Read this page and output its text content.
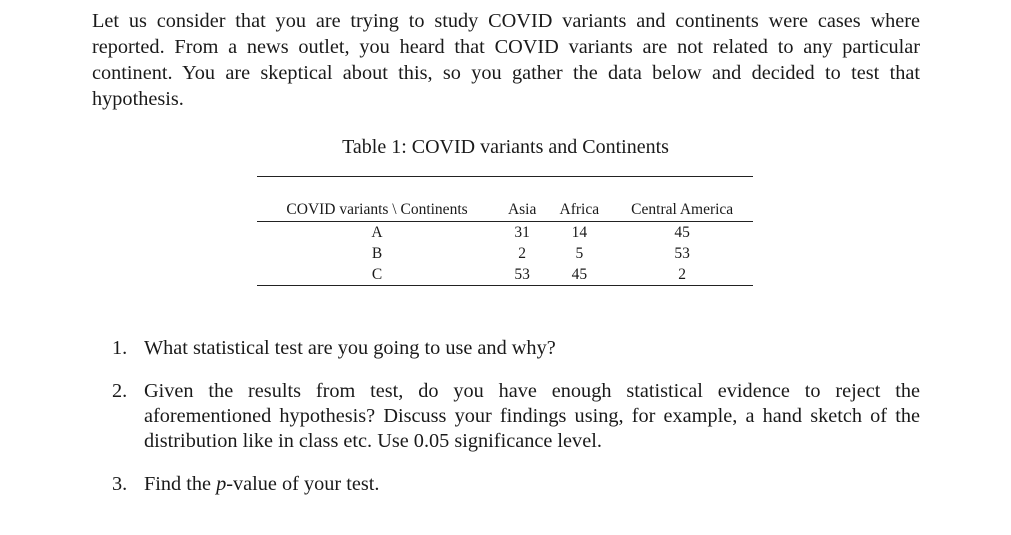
Let us consider that you are trying to study COVID variants and continents were cases where reported. From a news outlet, you heard that COVID variants are not related to any particular continent. You are skeptical about this, so you gather the data below and decided to test that hypothesis.

Table 1: COVID variants and Continents

COVID variants \ Continents	Asia	Africa	Central America
A	31	14	45
B	2	5	53
C	53	45	2
1. What statistical test are you going to use and why?
2. Given the results from test, do you have enough statistical evidence to reject the aforementioned hypothesis? Discuss your findings using, for example, a hand sketch of the distribution like in class etc. Use 0.05 significance level.
3. Find the p-value of your test.
